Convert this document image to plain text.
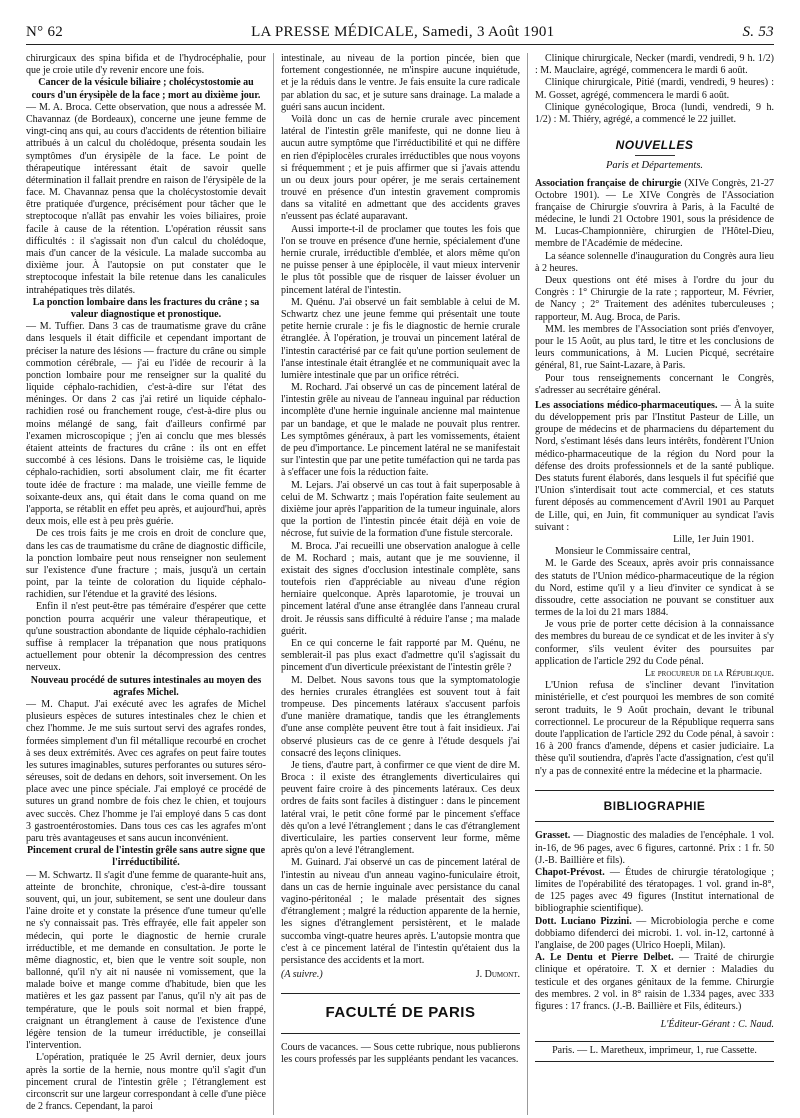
N° 62	LA PRESSE MÉDICALE, Samedi, 3 Août 1901	S. 53

chirurgicaux des spina bifida et de l'hydrocéphalie, pour que je croie utile d'y revenir encore une fois.

Cancer de la vésicule biliaire ; cholécystostomie au cours d'un érysipèle de la face ; mort au dixième jour.

— M. A. Broca. Cette observation, que nous a adressée M. Chavannaz (de Bordeaux), concerne une jeune femme de vingt-cinq ans qui, au cours d'accidents de rétention biliaire attribués à un calcul du cholédoque, présenta soudain les symptômes d'un érysipèle de la face. Le point de thérapeutique intéressant était de savoir quelle détermination il fallait prendre en raison de l'érysipèle de la face. M. Chavannaz pensa que la cholécystostomie devait être pratiquée d'urgence, précisément pour tâcher que le streptocoque n'allât pas envahir les voies biliaires, proie facile à cause de la rétention. L'opération réussit sans difficultés : il s'agissait non d'un calcul du cholédoque, mais d'un cancer de la vésicule. La malade succomba au dixième jour. À l'autopsie on put constater que le streptocoque infestait la bile retenue dans les canalicules intrahépatiques très dilatés.

La ponction lombaire dans les fractures du crâne ; sa valeur diagnostique et pronostique.

— M. Tuffier. Dans 3 cas de traumatisme grave du crâne dans lesquels il était difficile et cependant important de préciser la nature des lésions — fracture du crâne ou simple commotion cérébrale, — j'ai eu l'idée de recourir à la ponction lombaire pour me renseigner sur la qualité du liquide céphalo-rachidien, c'est-à-dire sur l'état des méninges. Or dans 2 cas j'ai retiré un liquide céphalo-rachidien rosé ou franchement rouge, c'est-à-dire plus ou moins mélangé de sang, fait d'ailleurs confirmé par l'examen microscopique ; j'en ai conclu que mes blessés étaient atteints de fractures du crâne : ils ont en effet succombé à ces lésions. Dans le troisième cas, le liquide céphalo-rachidien, sorti absolument clair, me fit écarter toute idée de fracture : ma malade, une vieille femme de soixante-deux ans, qui était dans le coma quand on me l'apporta, se rétablit en effet peu après, et aujourd'hui, après deux mois, elle est à peu près guérie.

De ces trois faits je me crois en droit de conclure que, dans les cas de traumatisme du crâne de diagnostic difficile, la ponction lombaire peut nous renseigner non seulement sur l'existence d'une fracture ; mais, jusqu'à un certain point, par la teinte de coloration du liquide céphalo-rachidien, sur l'étendue et la gravité des lésions.

Enfin il n'est peut-être pas téméraire d'espérer que cette ponction pourra acquérir une valeur thérapeutique, et qu'une soustraction abondante de liquide céphalo-rachidien suffise à remplacer la trépanation que nous pratiquons actuellement pour obtenir la décompression des centres nerveux.

Nouveau procédé de sutures intestinales au moyen des agrafes Michel.

— M. Chaput. J'ai exécuté avec les agrafes de Michel plusieurs espèces de sutures intestinales chez le chien et chez l'homme. Je me suis surtout servi des agrafes rondes, formées simplement d'un fil métallique recourbé en crochet à ses deux extrémités. Avec ces agrafes on peut faire toutes les sutures imaginables, sutures perforantes ou sutures séro-séreuses, soit de dedans en dehors, soit inversement. On les place avec une pince spéciale. J'ai employé ce procédé de sutures un grand nombre de fois chez le chien, et toujours avec succès. Chez l'homme je l'ai employé dans 5 cas dont 3 gastroentérostomies. Dans tous ces cas les agrafes m'ont paru très avantageuses et sans aucun inconvénient.

Pincement crural de l'intestin grêle sans autre signe que l'irréductibilité.

— M. Schwartz. Il s'agit d'une femme de quarante-huit ans, atteinte de bronchite, chronique, c'est-à-dire toussant souvent, qui, un jour, subitement, se sent une douleur dans l'aine droite et y constate la présence d'une tumeur qu'elle ne s'y connaissait pas. Très effrayée, elle fait appeler son médecin, qui porte le diagnostic de hernie crurale irréductible, et me demande en consultation. Je porte le même diagnostic, et, bien que le ventre soit souple, non ballonné, qu'il n'y ait ni nausée ni vomissement, que la malade boive et mange comme d'habitude, bien que les matières et les gaz passent par l'anus, qu'il n'y ait pas de température, que le pouls soit normal et bien frappé, craignant un étranglement à cause de l'existence d'une légère tension de la tumeur irréductible, je conseillai l'intervention.

L'opération, pratiquée le 25 Avril dernier, deux jours après la sortie de la hernie, nous montre qu'il s'agit d'un pincement crural de l'intestin grêle ; l'étranglement est circonscrit sur une largeur correspondant à celle d'une pièce de 2 francs. Cependant, la paroi

intestinale, au niveau de la portion pincée, bien que fortement congestionnée, ne m'inspire aucune inquiétude, et je la réduis dans le ventre. Je fais ensuite la cure radicale par ablation du sac, et je suture sans drainage. La malade a guéri sans aucun incident.

Voilà donc un cas de hernie crurale avec pincement latéral de l'intestin grêle manifeste, qui ne donne lieu à aucun autre symptôme que l'irréductibilité et qui ne diffère en rien d'épiplocèles crurales irréductibles que nous voyons si fréquemment ; et je puis affirmer que si j'avais attendu un ou deux jours pour opérer, je me serais certainement trouvé en présence d'un intestin gravement compromis dans sa vitalité en admettant que des accidents graves n'eussent pas éclaté auparavant.

Aussi importe-t-il de proclamer que toutes les fois que l'on se trouve en présence d'une hernie, spécialement d'une hernie crurale, irréductible d'emblée, et alors même qu'on ne puisse penser à une épiplocèle, il vaut mieux intervenir le plus tôt possible que de risquer de laisser évoluer un pincement latéral de l'intestin.

M. Quénu. J'ai observé un fait semblable à celui de M. Schwartz chez une jeune femme qui présentait une toute petite hernie crurale : je fis le diagnostic de hernie crurale étranglée. À l'opération, je trouvai un pincement latéral de l'intestin caractérisé par ce fait qu'une portion seulement de l'anse intestinale était étranglée et ne communiquait avec la lumière intestinale que par un orifice rétréci.

M. Rochard. J'ai observé un cas de pincement latéral de l'intestin grêle au niveau de l'anneau inguinal par réduction incomplète d'une hernie inguinale ancienne mal maintenue par un bandage, et que le malade ne pouvait plus rentrer. Les symptômes généraux, à part les vomissements, étaient de peu d'importance. Le pincement latéral ne se manifestait sur l'intestin que par une petite tuméfaction qui ne tarda pas à s'effacer une fois la réduction faite.

M. Lejars. J'ai observé un cas tout à fait superposable à celui de M. Schwartz ; mais l'opération faite seulement au dixième jour après l'apparition de la tumeur inguinale, alors que la portion de l'intestin pincée était déjà en voie de nécrose, fut suivie de la formation d'une fistule stercorale.

M. Broca. J'ai recueilli une observation analogue à celle de M. Rochard ; mais, autant que je me souvienne, il existait des signes d'occlusion intestinale complète, sans toutefois rien d'appréciable au niveau d'une région herniaire quelconque. Après laparotomie, je trouvai un pincement latéral d'une anse étranglée dans l'anneau crural droit. Je réussis sans difficulté à réduire l'anse ; ma malade guérit.

En ce qui concerne le fait rapporté par M. Quénu, ne semblerait-il pas plus exact d'admettre qu'il s'agissait du pincement d'un diverticule préexistant de l'intestin grêle ?

M. Delbet. Nous savons tous que la symptomatologie des hernies crurales étranglées est souvent tout à fait trompeuse. Des pincements latéraux s'accusent parfois d'une manière dramatique, tandis que les étranglements d'une anse complète peuvent être tout à fait insidieux. J'ai observé plusieurs cas de ce genre à l'étude desquels j'ai consacré des leçons cliniques.

Je tiens, d'autre part, à confirmer ce que vient de dire M. Broca : il existe des étranglements diverticulaires qui peuvent faire croire à des pincements latéraux. Ces deux ordres de faits sont faciles à distinguer : dans le pincement latéral vrai, le petit cône formé par le pincement s'efface dès qu'on a levé l'étranglement ; dans le cas d'étranglement diverticulaire, les parties conservent leur forme, même après qu'on a levé l'étranglement.

M. Guinard. J'ai observé un cas de pincement latéral de l'intestin au niveau d'un anneau vagino-funiculaire étroit, dans un cas de hernie inguinale avec persistance du canal vagino-péritonéal ; le malade présentait des signes d'étranglement ; malgré la réduction apparente de la hernie, les signes d'étranglement persistèrent, et le malade succomba vingt-quatre heures après. L'autopsie montra que c'est à ce pincement latéral de l'intestin qu'étaient dus la persistance des accidents et la mort.

(A suivre.)	J. Dumont.
FACULTÉ DE PARIS

Cours de vacances. — Sous cette rubrique, nous publierons les cours professés par les suppléants pendant les vacances.

Clinique chirurgicale, Necker (mardi, vendredi, 9 h. 1/2) : M. Mauclaire, agrégé, commencera le mardi 6 août.

Clinique chirurgicale, Pitié (mardi, vendredi, 9 heures) : M. Gosset, agrégé, commencera le mardi 6 août.

Clinique gynécologique, Broca (lundi, vendredi, 9 h. 1/2) : M. Thiéry, agrégé, a commencé le 22 juillet.

NOUVELLES
Paris et Départements.

Association française de chirurgie (XIVe Congrès, 21-27 Octobre 1901). — Le XIVe Congrès de l'Association française de Chirurgie s'ouvrira à Paris, à la Faculté de médecine, le lundi 21 Octobre 1901, sous la présidence de M. Lucas-Championnière, chirurgien de l'Hôtel-Dieu, membre de l'Académie de médecine.

La séance solennelle d'inauguration du Congrès aura lieu à 2 heures.

Deux questions ont été mises à l'ordre du jour du Congrès : 1° Chirurgie de la rate ; rapporteur, M. Février, de Nancy ; 2° Traitement des adénites tuberculeuses ; rapporteur, M. Aug. Broca, de Paris.

MM. les membres de l'Association sont priés d'envoyer, pour le 15 Août, au plus tard, le titre et les conclusions de leurs communications, à M. Lucien Picqué, secrétaire général, 81, rue Saint-Lazare, à Paris.

Pour tous renseignements concernant le Congrès, s'adresser au secrétaire général.

Les associations médico-pharmaceutiques. — À la suite du développement pris par l'Institut Pasteur de Lille, un groupe de médecins et de pharmaciens du département du Nord, s'estimant lésés dans leurs intérêts, fondèrent l'Union médico-pharmaceutique de la région du Nord pour la défense des droits professionnels et de la santé publique. Des statuts furent élaborés, dans lesquels il fut spécifié que l'Union s'interdisait tout acte commercial, et ces statuts furent déposés au commencement d'Avril 1901 au Parquet de Lille, qui, en Juin, fit communiquer au syndicat l'avis suivant :

Lille, 1er Juin 1901.

Monsieur le Commissaire central,

M. le Garde des Sceaux, après avoir pris connaissance des statuts de l'Union médico-pharmaceutique de la région du Nord, estime qu'il y a lieu d'inviter ce syndicat à se dissoudre, cette association ne pouvant se constituer aux termes de la loi du 21 mars 1884.

Je vous prie de porter cette décision à la connaissance des membres du bureau de ce syndicat et de les inviter à s'y conformer, s'ils veulent éviter des poursuites par application de l'article 292 du Code pénal.

Le procureur de la République.

L'Union refusa de s'incliner devant l'invitation ministérielle, et c'est pourquoi les membres de son comité seront traduits, le 9 Août prochain, devant le tribunal correctionnel. Le procureur de la République requerra sans doute l'application de l'article 292 du Code pénal, à savoir : 16 à 200 francs d'amende, dépens et casier judiciaire. La thèse qu'il soutiendra, d'après l'acte d'assignation, c'est qu'il n'y a pas de connexité entre la médecine et la pharmacie.

BIBLIOGRAPHIE

Grasset. — Diagnostic des maladies de l'encéphale. 1 vol. in-16, de 96 pages, avec 6 figures, cartonné. Prix : 1 fr. 50 (J.-B. Baillière et fils).

Chapot-Prévost. — Études de chirurgie tératologique ; limites de l'opérabilité des tératopages. 1 vol. grand in-8°, de 125 pages avec 49 figures (Institut international de bibliographie scientifique).

Dott. Luciano Pizzini. — Microbiologia perche e come dobbiamo difenderci dei microbi. 1. vol. in-12, cartonné à l'anglaise, de 200 pages (Ulrico Hoepli, Milan).

A. Le Dentu et Pierre Delbet. — Traité de chirurgie clinique et opératoire. T. X et dernier : Maladies du testicule et des organes génitaux de la femme. Chirurgie des membres. 2 vol. in 8° raisin de 1.334 pages, avec 333 figures : 17 francs. (J.-B. Baillière et Fils, éditeurs.)

L'Éditeur-Gérant : C. Naud.
Paris. — L. Maretheux, imprimeur, 1, rue Cassette.
